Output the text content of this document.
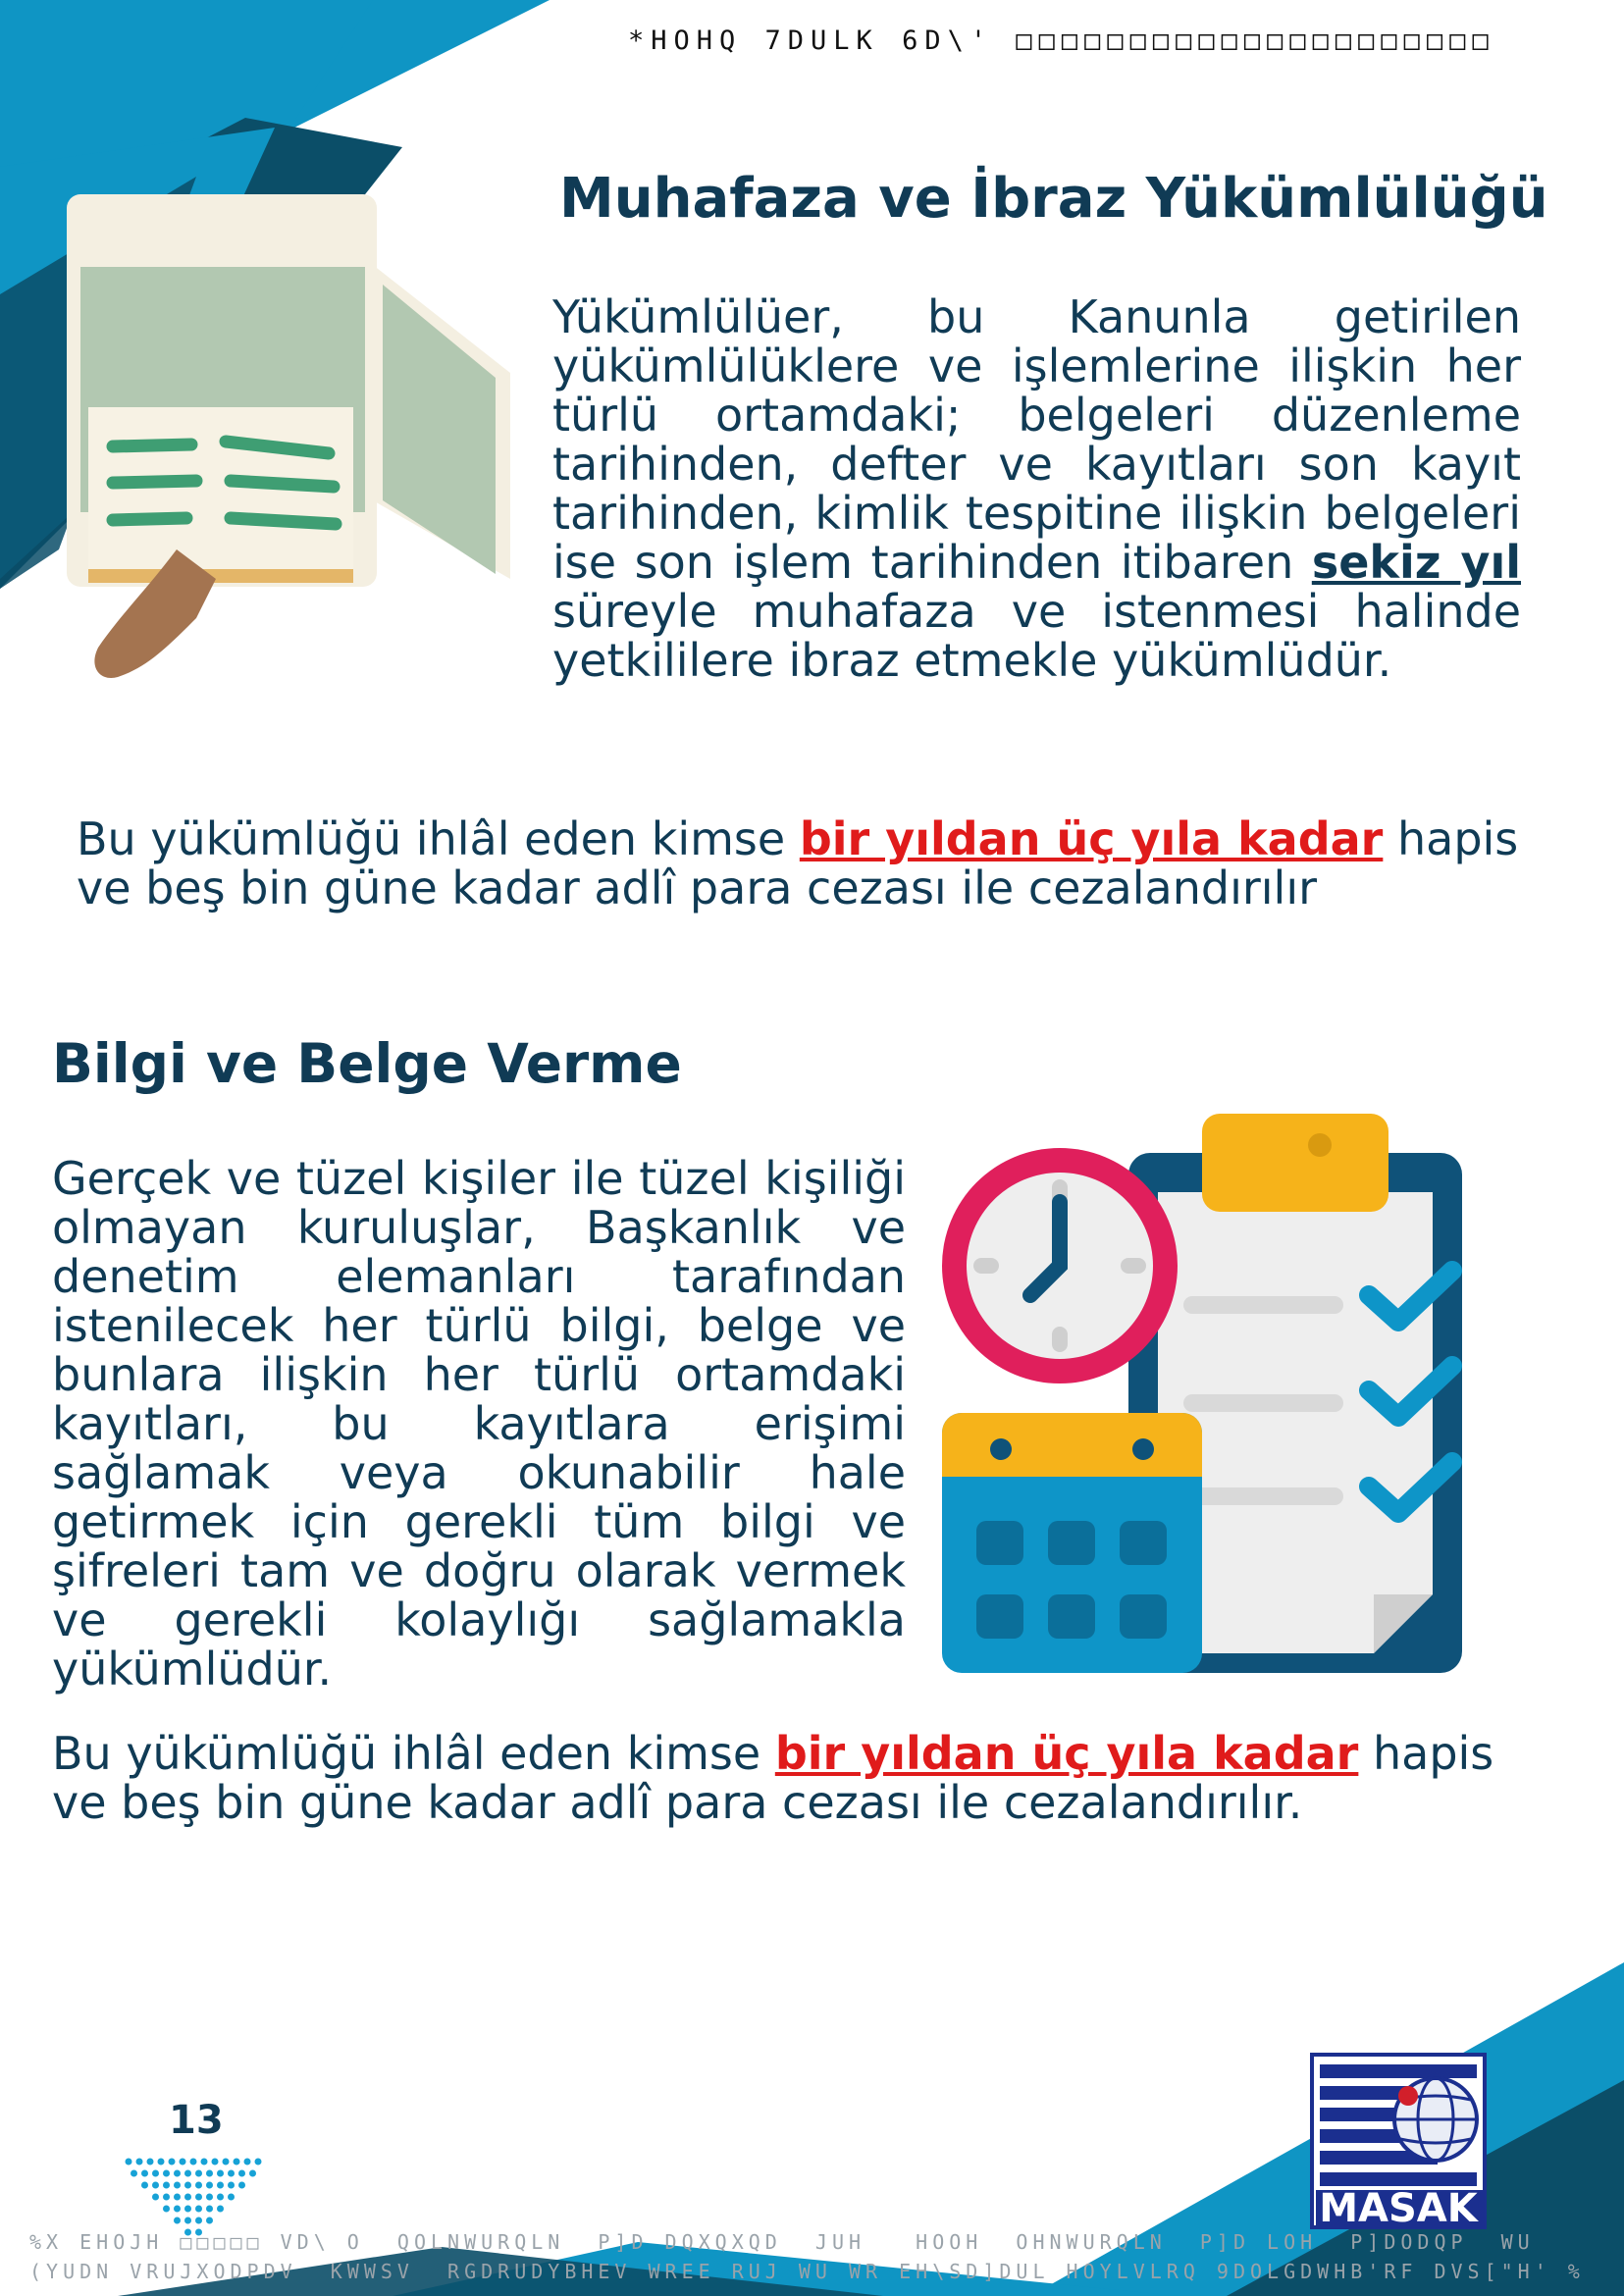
*HOHQ 7DULK 6D\' □□□□□□□□□□□□□□□□□□□□□
Muhafaza ve İbraz Yükümlülüğü
Yükümlülüer, bu Kanunla getirilen yükümlülüklere ve işlemlerine ilişkin her türlü ortamdaki; belgeleri düzenleme tarihinden, defter ve kayıtları son kayıt tarihinden, kimlik tespitine ilişkin belgeleri ise son işlem tarihinden itibaren sekiz yıl süreyle muhafaza ve istenmesi halinde yetkililere ibraz etmekle yükümlüdür.
Bu yükümlüğü ihlâl eden kimse bir yıldan üç yıla kadar hapis ve beş bin güne kadar adlî para cezası ile cezalandırılır
Bilgi ve Belge Verme
Gerçek ve tüzel kişiler ile tüzel kişiliği olmayan kuruluşlar, Başkanlık ve denetim elemanları tarafından istenilecek her türlü bilgi, belge ve bunlara ilişkin her türlü ortamdaki kayıtları, bu kayıtlara erişimi sağlamak veya okunabilir hale getirmek için gerekli tüm bilgi ve şifreleri tam ve doğru olarak vermek ve gerekli kolaylığı sağlamakla yükümlüdür.
Bu yükümlüğü ihlâl eden kimse bir yıldan üç yıla kadar hapis ve beş bin güne kadar adlî para cezası ile cezalandırılır.
13
MASAK
%X EHOJH □□□□□ VD\ O  QOLNWURQLN  P]D DQXQXQD  JUH   HOOH  OHNWURQLN  P]D LOH  P]DODQP  WU
(YUDN VRUJXODPDV  KWWSV  RGDRUDYBHEV WREE RUJ WU WR EH\SD]DUL HOYLVLRQ 9DOLGDWHB'RF DVS["H' %
